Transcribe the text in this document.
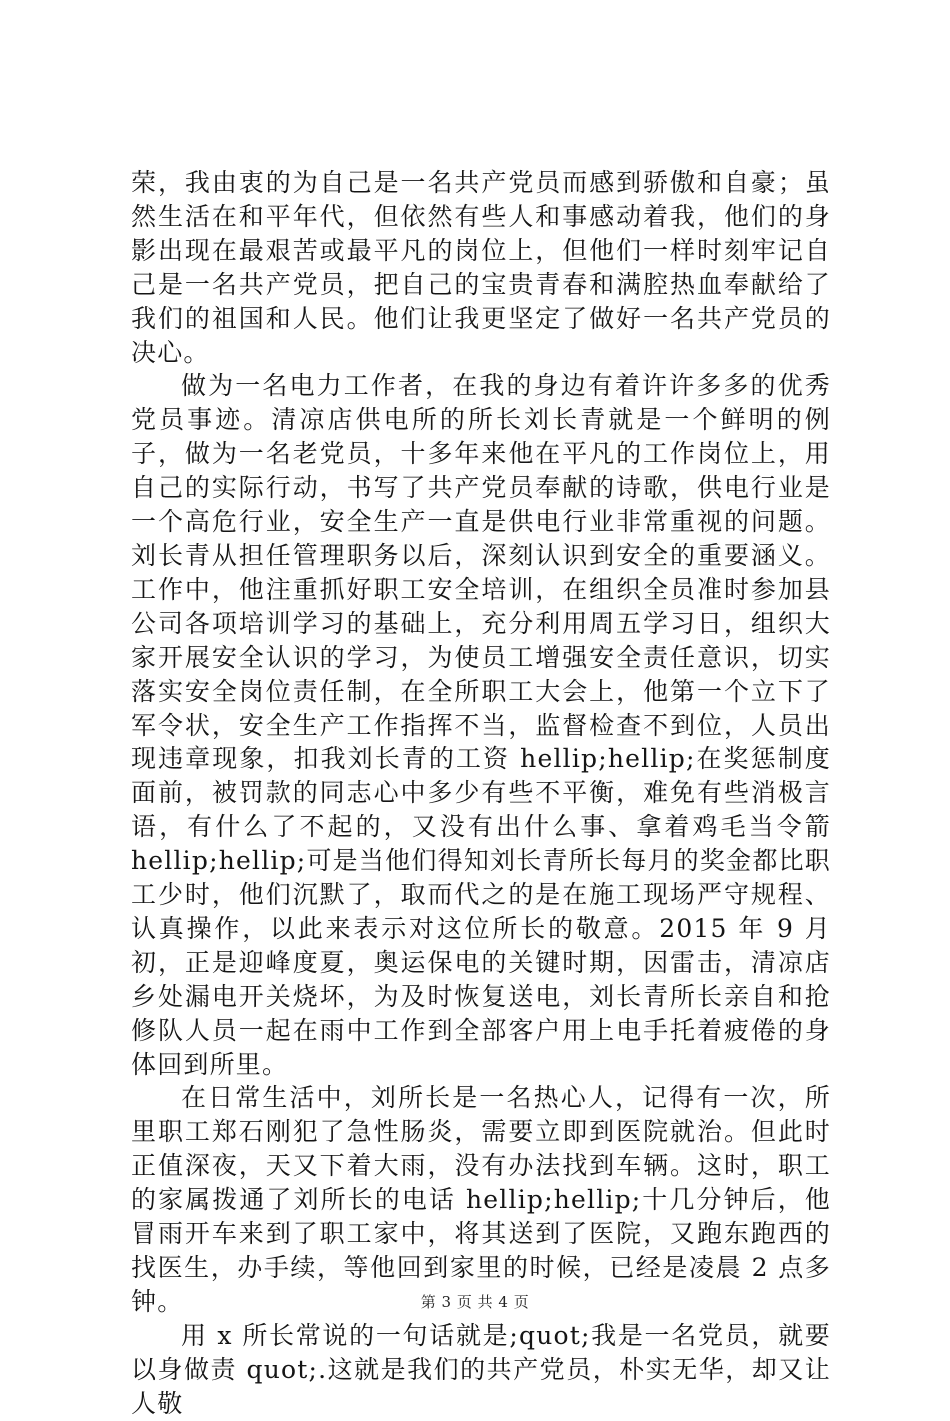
荣，我由衷的为自己是一名共产党员而感到骄傲和自豪；虽然生活在和平年代，但依然有些人和事感动着我，他们的身影出现在最艰苦或最平凡的岗位上，但他们一样时刻牢记自己是一名共产党员，把自己的宝贵青春和满腔热血奉献给了我们的祖国和人民。他们让我更坚定了做好一名共产党员的决心。

做为一名电力工作者，在我的身边有着许许多多的优秀党员事迹。清凉店供电所的所长刘长青就是一个鲜明的例子，做为一名老党员，十多年来他在平凡的工作岗位上，用自己的实际行动，书写了共产党员奉献的诗歌，供电行业是一个高危行业，安全生产一直是供电行业非常重视的问题。刘长青从担任管理职务以后，深刻认识到安全的重要涵义。工作中，他注重抓好职工安全培训，在组织全员准时参加县公司各项培训学习的基础上，充分利用周五学习日，组织大家开展安全认识的学习，为使员工增强安全责任意识，切实落实安全岗位责任制，在全所职工大会上，他第一个立下了军令状，安全生产工作指挥不当，监督检查不到位，人员出现违章现象，扣我刘长青的工资 hellip;hellip;在奖惩制度面前，被罚款的同志心中多少有些不平衡，难免有些消极言语，有什么了不起的，又没有出什么事、拿着鸡毛当令箭 hellip;hellip;可是当他们得知刘长青所长每月的奖金都比职工少时，他们沉默了，取而代之的是在施工现场严守规程、认真操作，以此来表示对这位所长的敬意。2015 年 9 月初，正是迎峰度夏，奥运保电的关键时期，因雷击，清凉店乡处漏电开关烧坏，为及时恢复送电，刘长青所长亲自和抢修队人员一起在雨中工作到全部客户用上电手托着疲倦的身体回到所里。

在日常生活中，刘所长是一名热心人，记得有一次，所里职工郑石刚犯了急性肠炎，需要立即到医院就治。但此时正值深夜，天又下着大雨，没有办法找到车辆。这时，职工的家属拨通了刘所长的电话 hellip;hellip;十几分钟后，他冒雨开车来到了职工家中，将其送到了医院，又跑东跑西的找医生，办手续，等他回到家里的时候，已经是凌晨 2 点多钟。

用 x 所长常说的一句话就是;quot;我是一名党员，就要以身做责 quot;.这就是我们的共产党员，朴实无华，却又让人敬

第 3 页 共 4 页
